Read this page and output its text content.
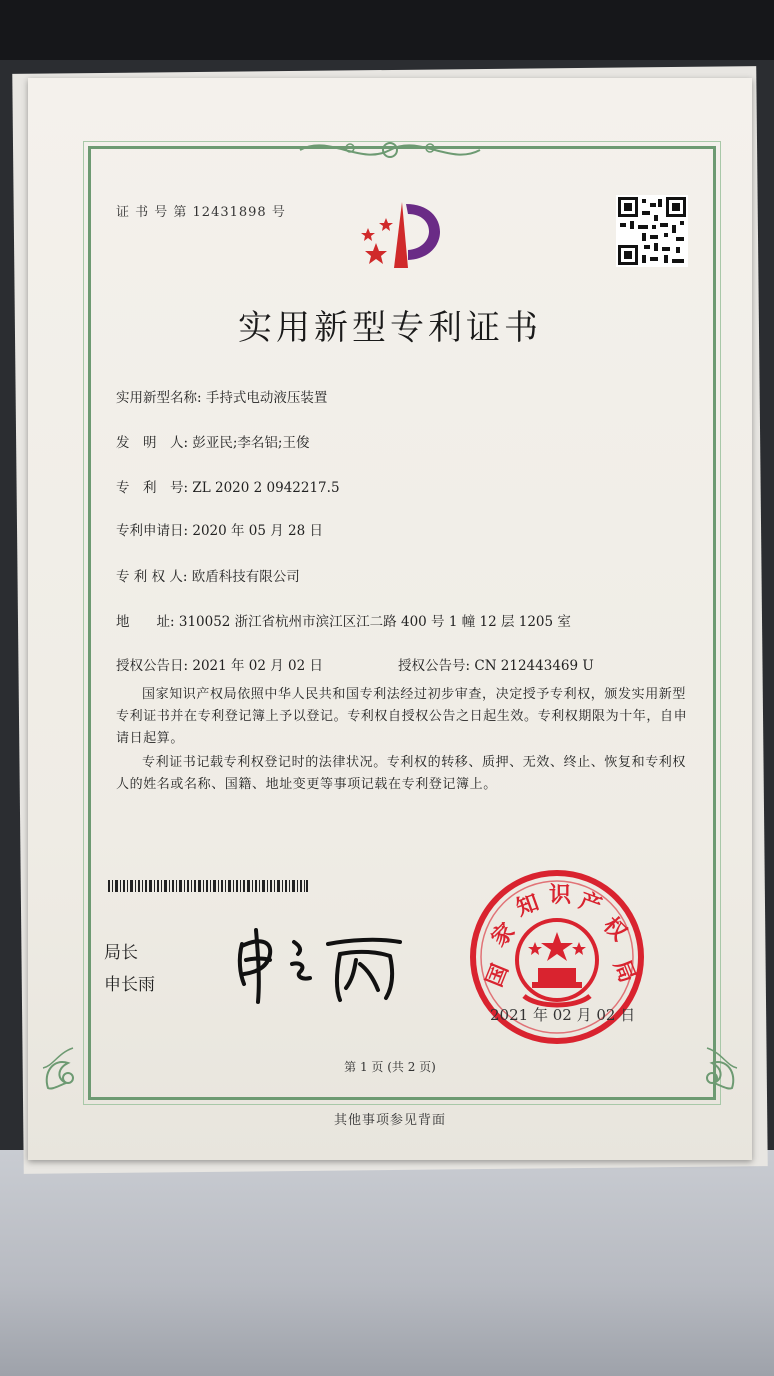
证 书 号 第 12431898 号
实用新型专利证书
实用新型名称: 手持式电动液压装置
发　明　人: 彭亚民;李名铝;王俊
专　利　号: ZL 2020 2 0942217.5
专利申请日: 2020 年 05 月 28 日
专 利 权 人: 欧盾科技有限公司
地　　址: 310052 浙江省杭州市滨江区江二路 400 号 1 幢 12 层 1205 室
授权公告日: 2021 年 02 月 02 日	授权公告号: CN 212443469 U
国家知识产权局依照中华人民共和国专利法经过初步审查，决定授予专利权，颁发实用新型专利证书并在专利登记簿上予以登记。专利权自授权公告之日起生效。专利权期限为十年，自申请日起算。
专利证书记载专利权登记时的法律状况。专利权的转移、质押、无效、终止、恢复和专利权人的姓名或名称、国籍、地址变更等事项记载在专利登记簿上。
局长
申长雨	国
家
知 识 产
权
局
2021 年 02 月 02 日
第 1 页 (共 2 页)
其他事项参见背面
